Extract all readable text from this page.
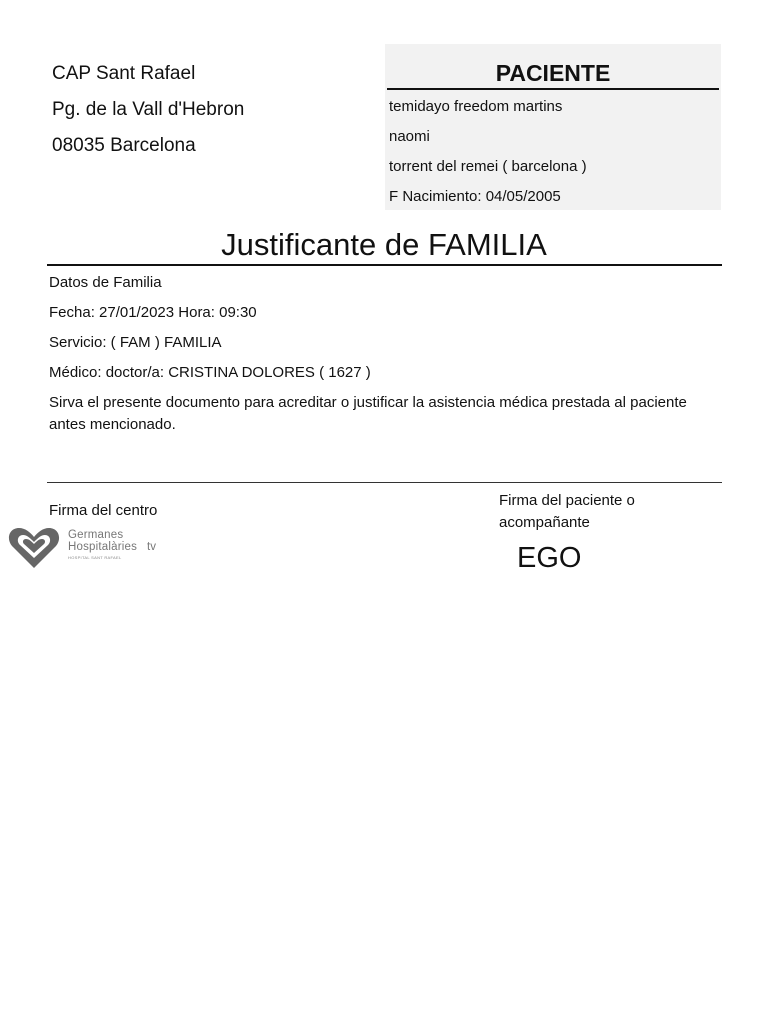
CAP Sant Rafael
Pg. de la Vall d'Hebron
08035 Barcelona
PACIENTE
temidayo freedom martins
naomi
torrent del remei ( barcelona )
F Nacimiento: 04/05/2005
Justificante de FAMILIA
Datos de Familia
Fecha: 27/01/2023 Hora: 09:30
Servicio: ( FAM ) FAMILIA
Médico: doctor/a: CRISTINA DOLORES ( 1627 )
Sirva el presente documento para acreditar o justificar la asistencia médica prestada al paciente antes mencionado.
Firma del centro
Firma del paciente o acompañante
EGO
Germanes
Hospitalàries tv
HOSPITAL SANT RAFAEL
